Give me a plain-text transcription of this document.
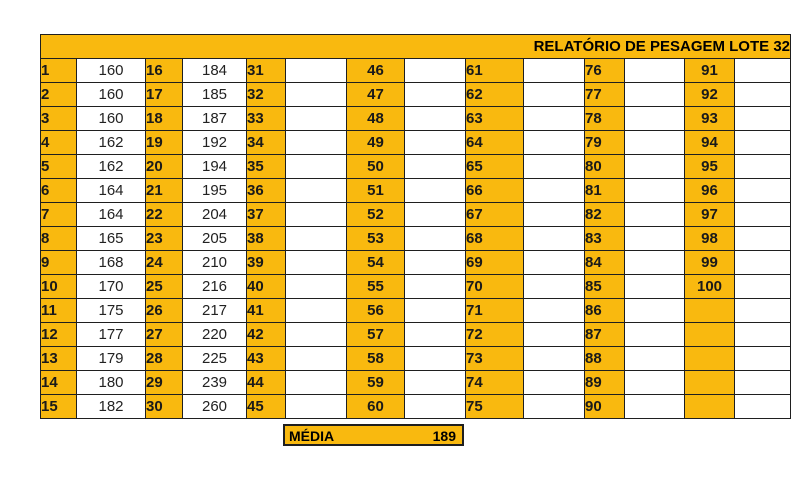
RELATÓRIO DE PESAGEM LOTE 32													
1	160	16	184	31		46		61		76		91	
2	160	17	185	32		47		62		77		92	
3	160	18	187	33		48		63		78		93	
4	162	19	192	34		49		64		79		94	
5	162	20	194	35		50		65		80		95	
6	164	21	195	36		51		66		81		96	
7	164	22	204	37		52		67		82		97	
8	165	23	205	38		53		68		83		98	
9	168	24	210	39		54		69		84		99	
10	170	25	216	40		55		70		85		100	
11	175	26	217	41		56		71		86			
12	177	27	220	42		57		72		87			
13	179	28	225	43		58		73		88			
14	180	29	239	44		59		74		89			
15	182	30	260	45		60		75		90			
MÉDIA	189
